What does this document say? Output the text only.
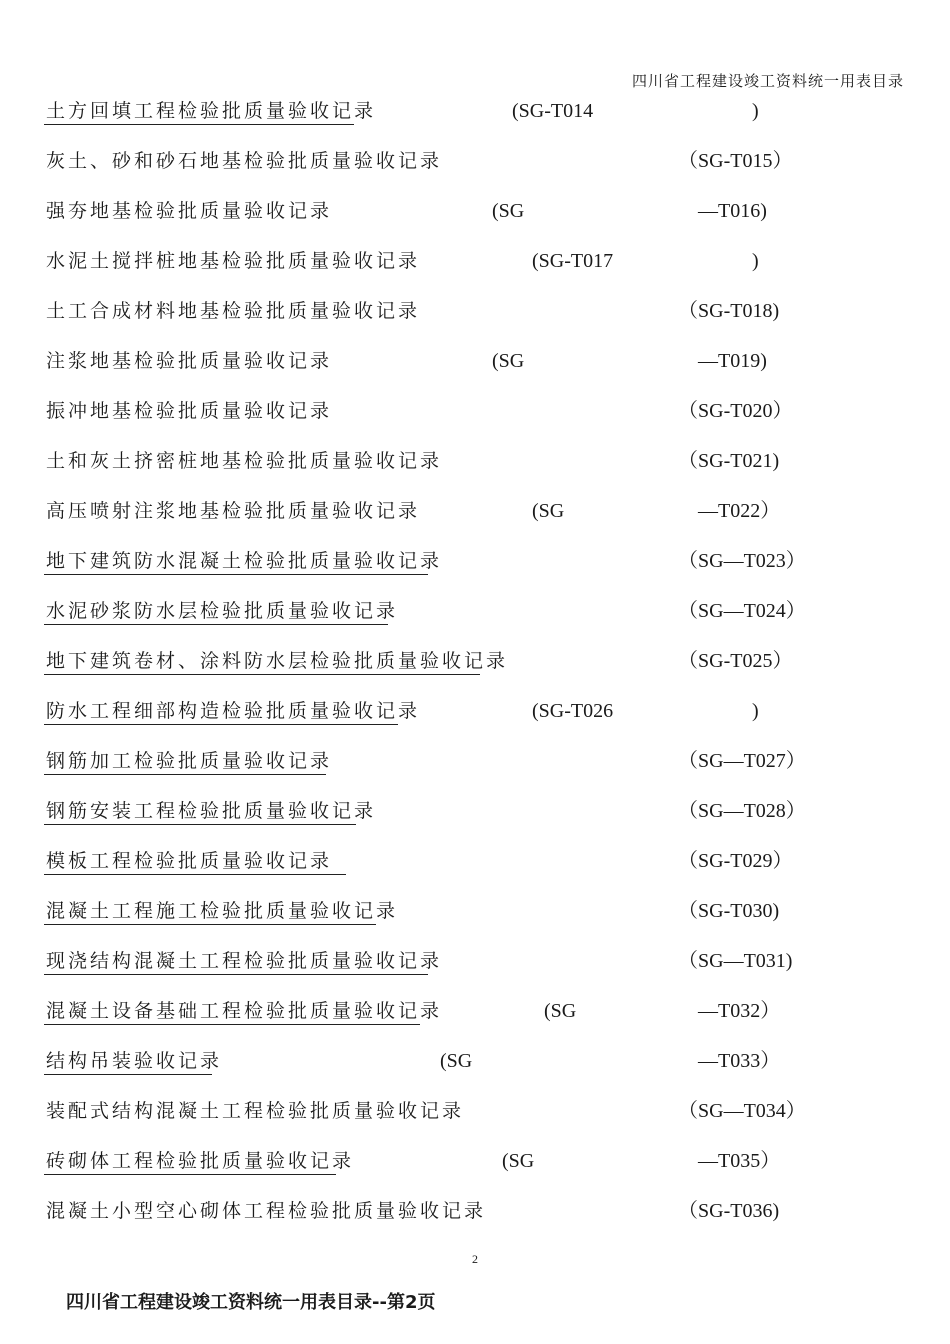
四川省工程建设竣工资料统一用表目录
土方回填工程检验批质量验收记录	(SG-T014	)
灰土、砂和砂石地基检验批质量验收记录	（SG-T015）
强夯地基检验批质量验收记录	(SG	—T016)
水泥土搅拌桩地基检验批质量验收记录	(SG-T017	)
土工合成材料地基检验批质量验收记录	（SG-T018)
注浆地基检验批质量验收记录	(SG	—T019)
振冲地基检验批质量验收记录	（SG-T020）
土和灰土挤密桩地基检验批质量验收记录	（SG-T021)
高压喷射注浆地基检验批质量验收记录	(SG	—T022）
地下建筑防水混凝土检验批质量验收记录	（SG—T023）
水泥砂浆防水层检验批质量验收记录	（SG—T024）
地下建筑卷材、涂料防水层检验批质量验收记录	（SG-T025）
防水工程细部构造检验批质量验收记录	(SG-T026	)
钢筋加工检验批质量验收记录	（SG—T027）
钢筋安装工程检验批质量验收记录	（SG—T028）
模板工程检验批质量验收记录	（SG-T029）
混凝土工程施工检验批质量验收记录	（SG-T030)
现浇结构混凝土工程检验批质量验收记录	（SG—T031)
混凝土设备基础工程检验批质量验收记录	(SG	—T032）
结构吊装验收记录	(SG	—T033）
装配式结构混凝土工程检验批质量验收记录	（SG—T034）
砖砌体工程检验批质量验收记录	(SG	—T035）
混凝土小型空心砌体工程检验批质量验收记录	（SG-T036)
2
四川省工程建设竣工资料统一用表目录--第2页
